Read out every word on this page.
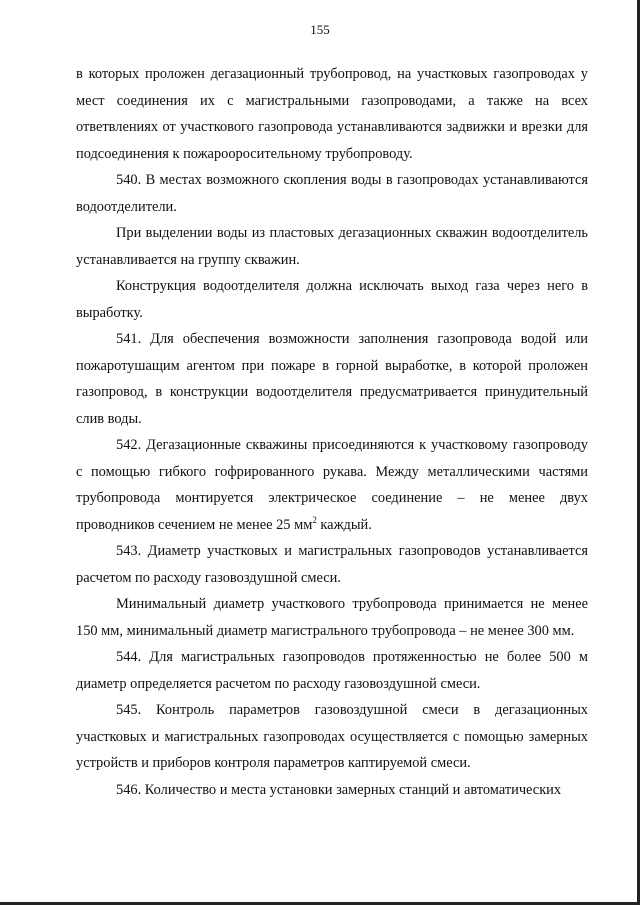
155

в которых проложен дегазационный трубопровод, на участковых газопроводах у мест соединения их с магистральными газопроводами, а также на всех ответвлениях от участкового газопровода устанавливаются задвижки и врезки для подсоединения к пожарооросительному трубопроводу.

540. В местах возможного скопления воды в газопроводах устанавливаются водоотделители.

При выделении воды из пластовых дегазационных скважин водоотделитель устанавливается на группу скважин.

Конструкция водоотделителя должна исключать выход газа через него в выработку.

541. Для обеспечения возможности заполнения газопровода водой или пожаротушащим агентом при пожаре в горной выработке, в которой проложен газопровод, в конструкции водоотделителя предусматривается принудительный слив воды.

542. Дегазационные скважины присоединяются к участковому газопроводу с помощью гибкого гофрированного рукава. Между металлическими частями трубопровода монтируется электрическое соединение – не менее двух проводников сечением не менее 25 $мм^2$ каждый.

543. Диаметр участковых и магистральных газопроводов устанавливается расчетом по расходу газовоздушной смеси.

Минимальный диаметр участкового трубопровода принимается не менее 150 мм, минимальный диаметр магистрального трубопровода – не менее 300 мм.

544. Для магистральных газопроводов протяженностью не более 500 м диаметр определяется расчетом по расходу газовоздушной смеси.

545. Контроль параметров газовоздушной смеси в дегазационных участковых и магистральных газопроводах осуществляется с помощью замерных устройств и приборов контроля параметров каптируемой смеси.

546. Количество и места установки замерных станций и автоматических
